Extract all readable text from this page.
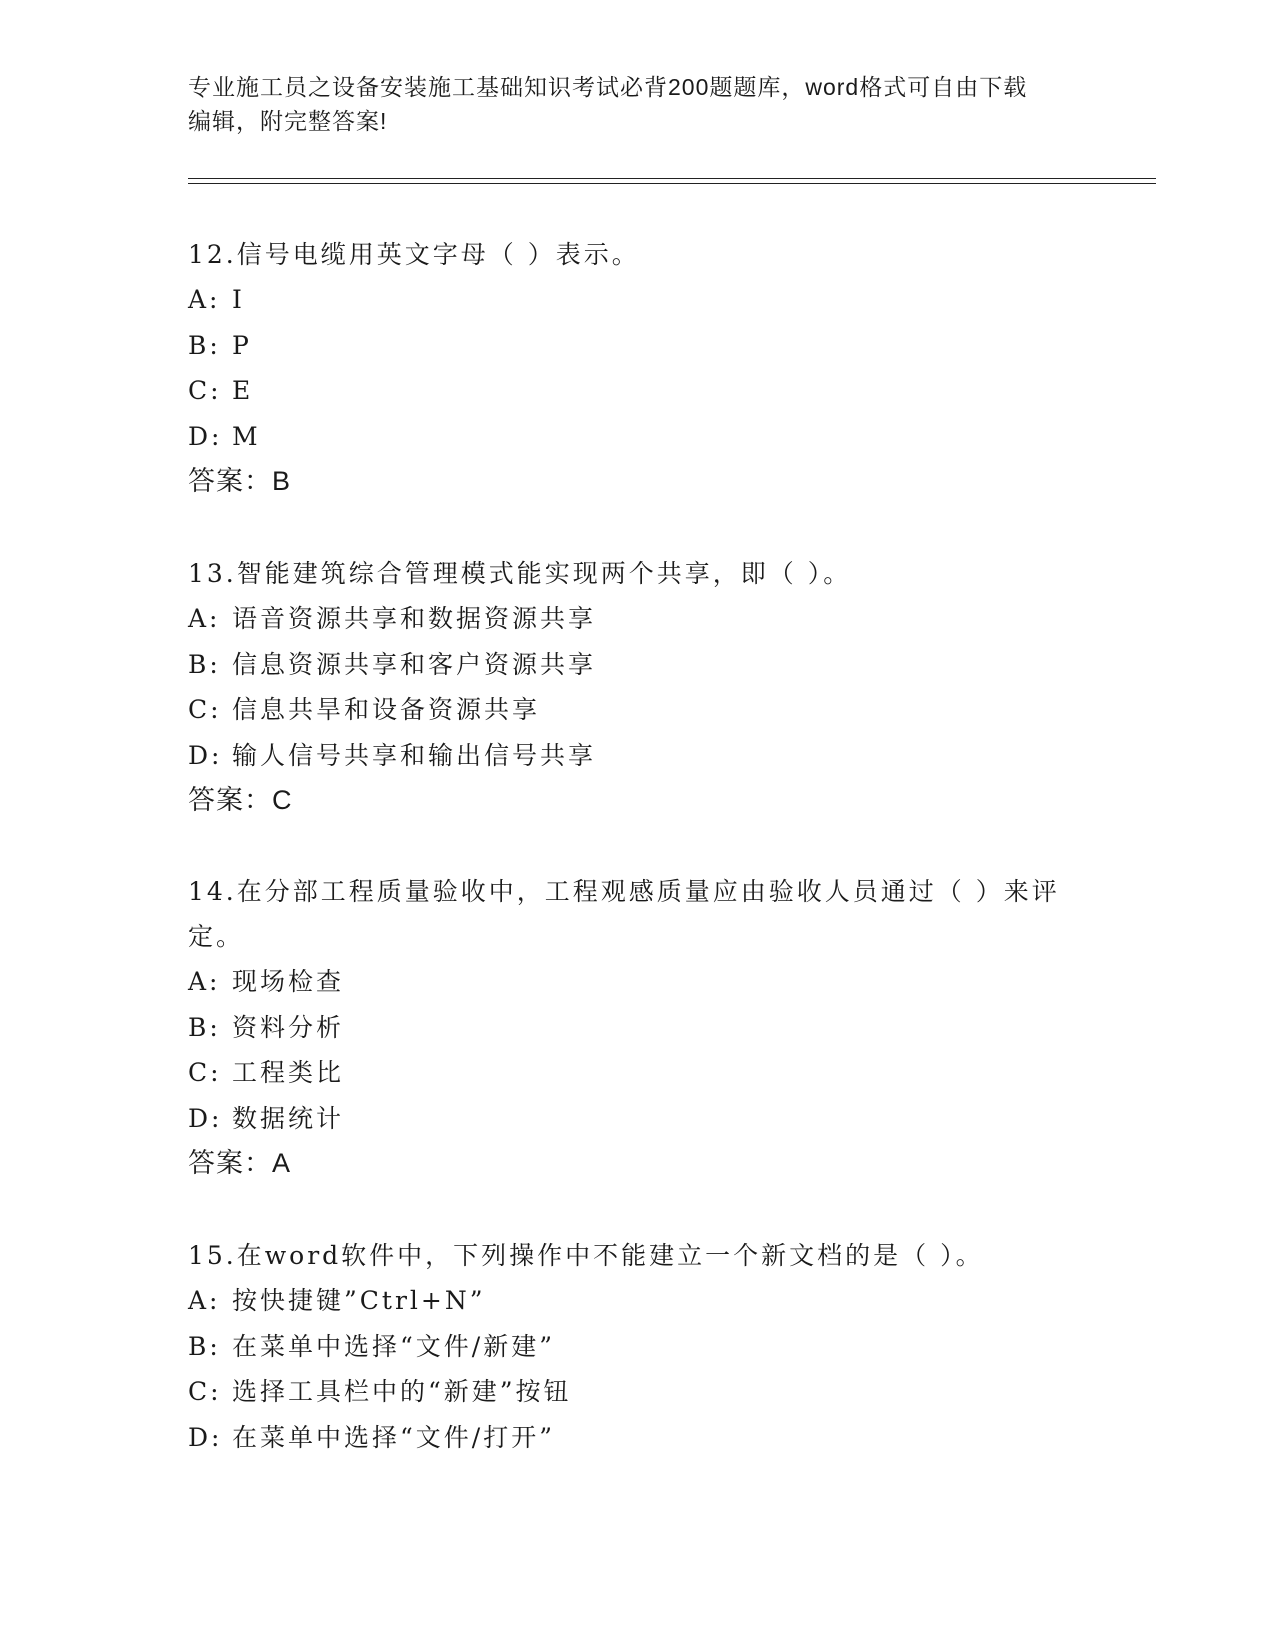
专业施工员之设备安装施工基础知识考试必背200题题库，word格式可自由下载
编辑，附完整答案!

12.信号电缆用英文字母（ ）表示。

A: I

B: P

C: E

D: M

答案：B

13.智能建筑综合管理模式能实现两个共享，即（ ）。

A: 语音资源共享和数据资源共享

B: 信息资源共享和客户资源共享

C: 信息共旱和设备资源共享

D: 输人信号共享和输出信号共享

答案：C

14.在分部工程质量验收中，工程观感质量应由验收人员通过（ ）来评定。

A: 现场检查

B: 资料分析

C: 工程类比

D: 数据统计

答案：A

15.在word软件中，下列操作中不能建立一个新文档的是（ ）。

A: 按快捷键”Ctrl+N”

B: 在菜单中选择“文件/新建”

C: 选择工具栏中的“新建”按钮

D: 在菜单中选择“文件/打开”
